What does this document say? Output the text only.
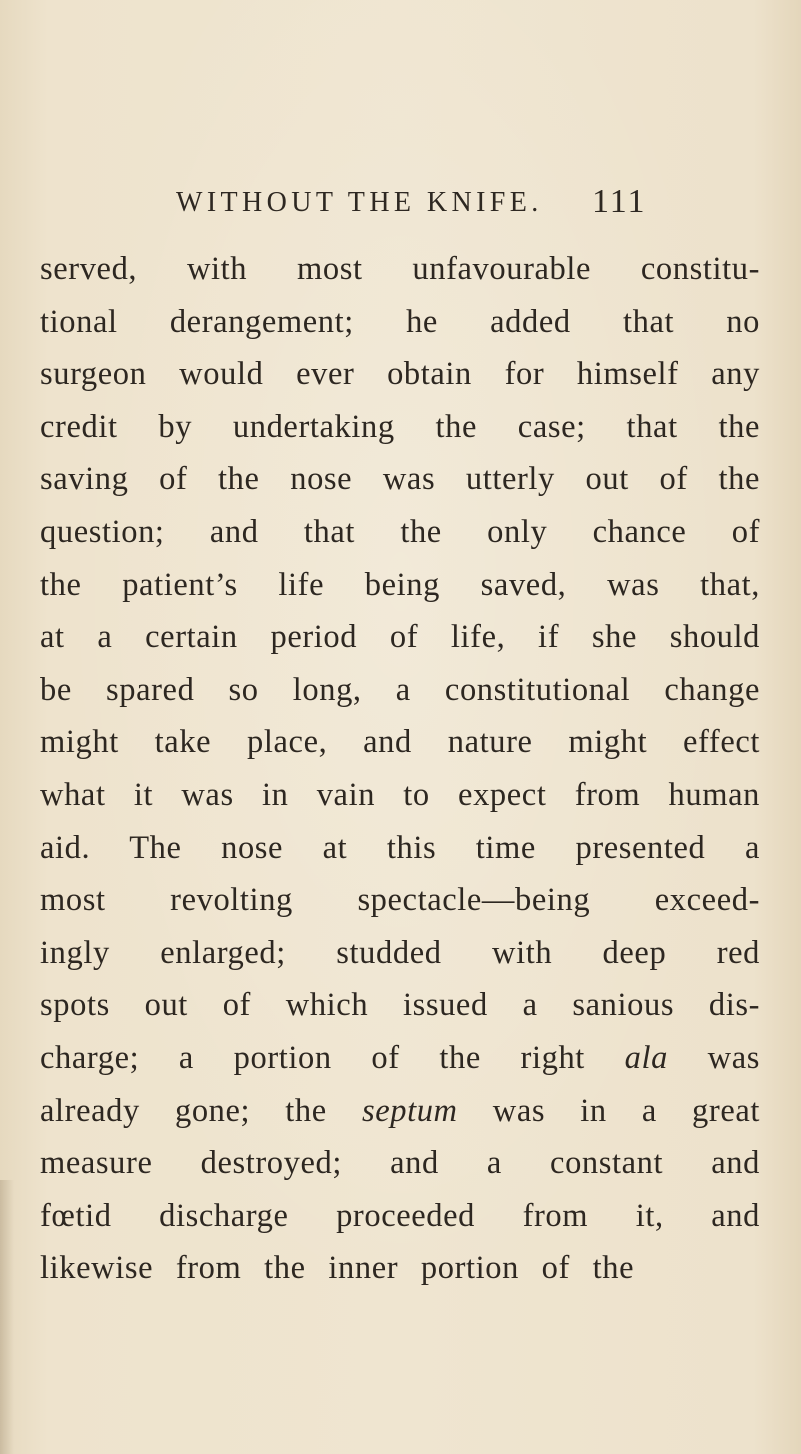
WITHOUT THE KNIFE. 111
served, with most unfavourable constitu-
tional derangement; he added that no
surgeon would ever obtain for himself any
credit by undertaking the case; that the
saving of the nose was utterly out of the
question; and that the only chance of
the patient’s life being saved, was that,
at a certain period of life, if she should
be spared so long, a constitutional change
might take place, and nature might effect
what it was in vain to expect from human
aid. The nose at this time presented a
most revolting spectacle—being exceed-
ingly enlarged; studded with deep red
spots out of which issued a sanious dis-
charge; a portion of the right ala was
already gone; the septum was in a great
measure destroyed; and a constant and
fœtid discharge proceeded from it, and
likewise from the inner portion of the
